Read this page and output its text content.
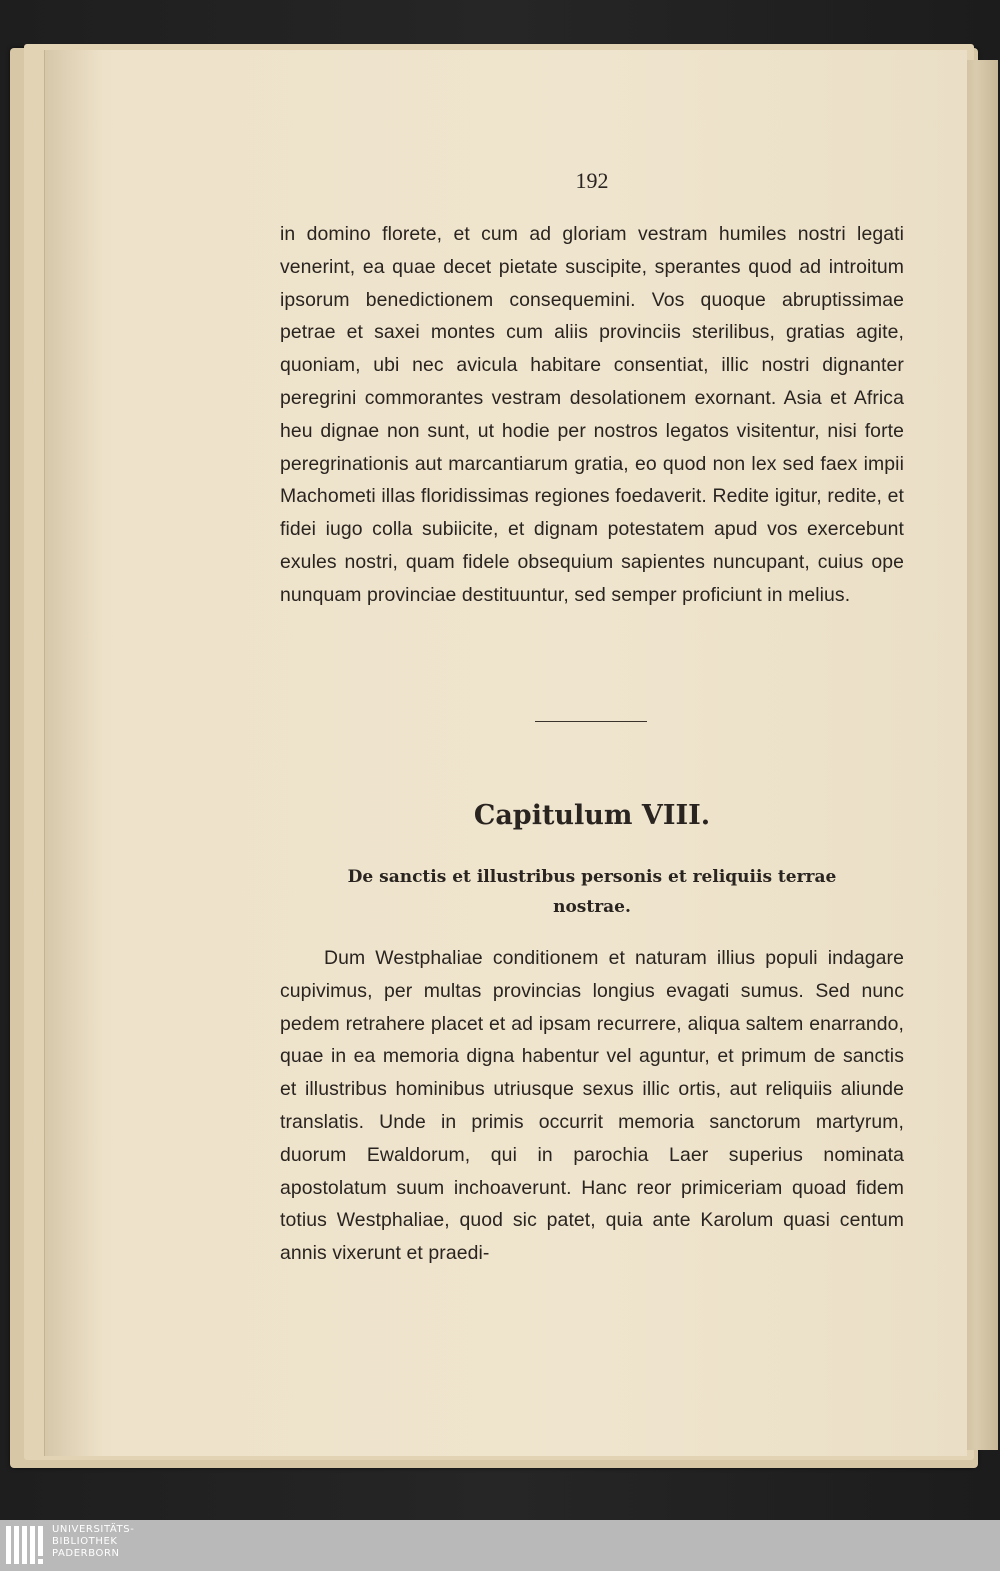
192
in domino florete, et cum ad gloriam vestram humiles nostri legati venerint, ea quae decet pietate suscipite, sperantes quod ad introitum ipsorum benedictionem consequemini. Vos quoque abruptissimae petrae et saxei montes cum aliis provinciis sterilibus, gratias agite, quoniam, ubi nec avicula habitare consentiat, illic nostri dignanter peregrini commorantes vestram desolationem exornant. Asia et Africa heu dignae non sunt, ut hodie per nostros legatos visitentur, nisi forte peregrinationis aut marcantiarum gratia, eo quod non lex sed faex impii Machometi illas floridissimas regiones foedaverit. Redite igitur, redite, et fidei iugo colla subiicite, et dignam potestatem apud vos exercebunt exules nostri, quam fidele obsequium sapientes nuncupant, cuius ope nunquam provinciae destituuntur, sed semper proficiunt in melius.
Capitulum VIII.
De sanctis et illustribus personis et reliquiis terrae nostrae.
Dum Westphaliae conditionem et naturam illius populi indagare cupivimus, per multas provincias longius evagati sumus. Sed nunc pedem retrahere placet et ad ipsam recurrere, aliqua saltem enarrando, quae in ea memoria digna habentur vel aguntur, et primum de sanctis et illustribus hominibus utriusque sexus illic ortis, aut reliquiis aliunde translatis. Unde in primis occurrit memoria sanctorum martyrum, duorum Ewaldorum, qui in parochia Laer superius nominata apostolatum suum inchoaverunt. Hanc reor primiceriam quoad fidem totius Westphaliae, quod sic patet, quia ante Karolum quasi centum annis vixerunt et praedi-
UNIVERSITÄTS-
BIBLIOTHEK
PADERBORN
